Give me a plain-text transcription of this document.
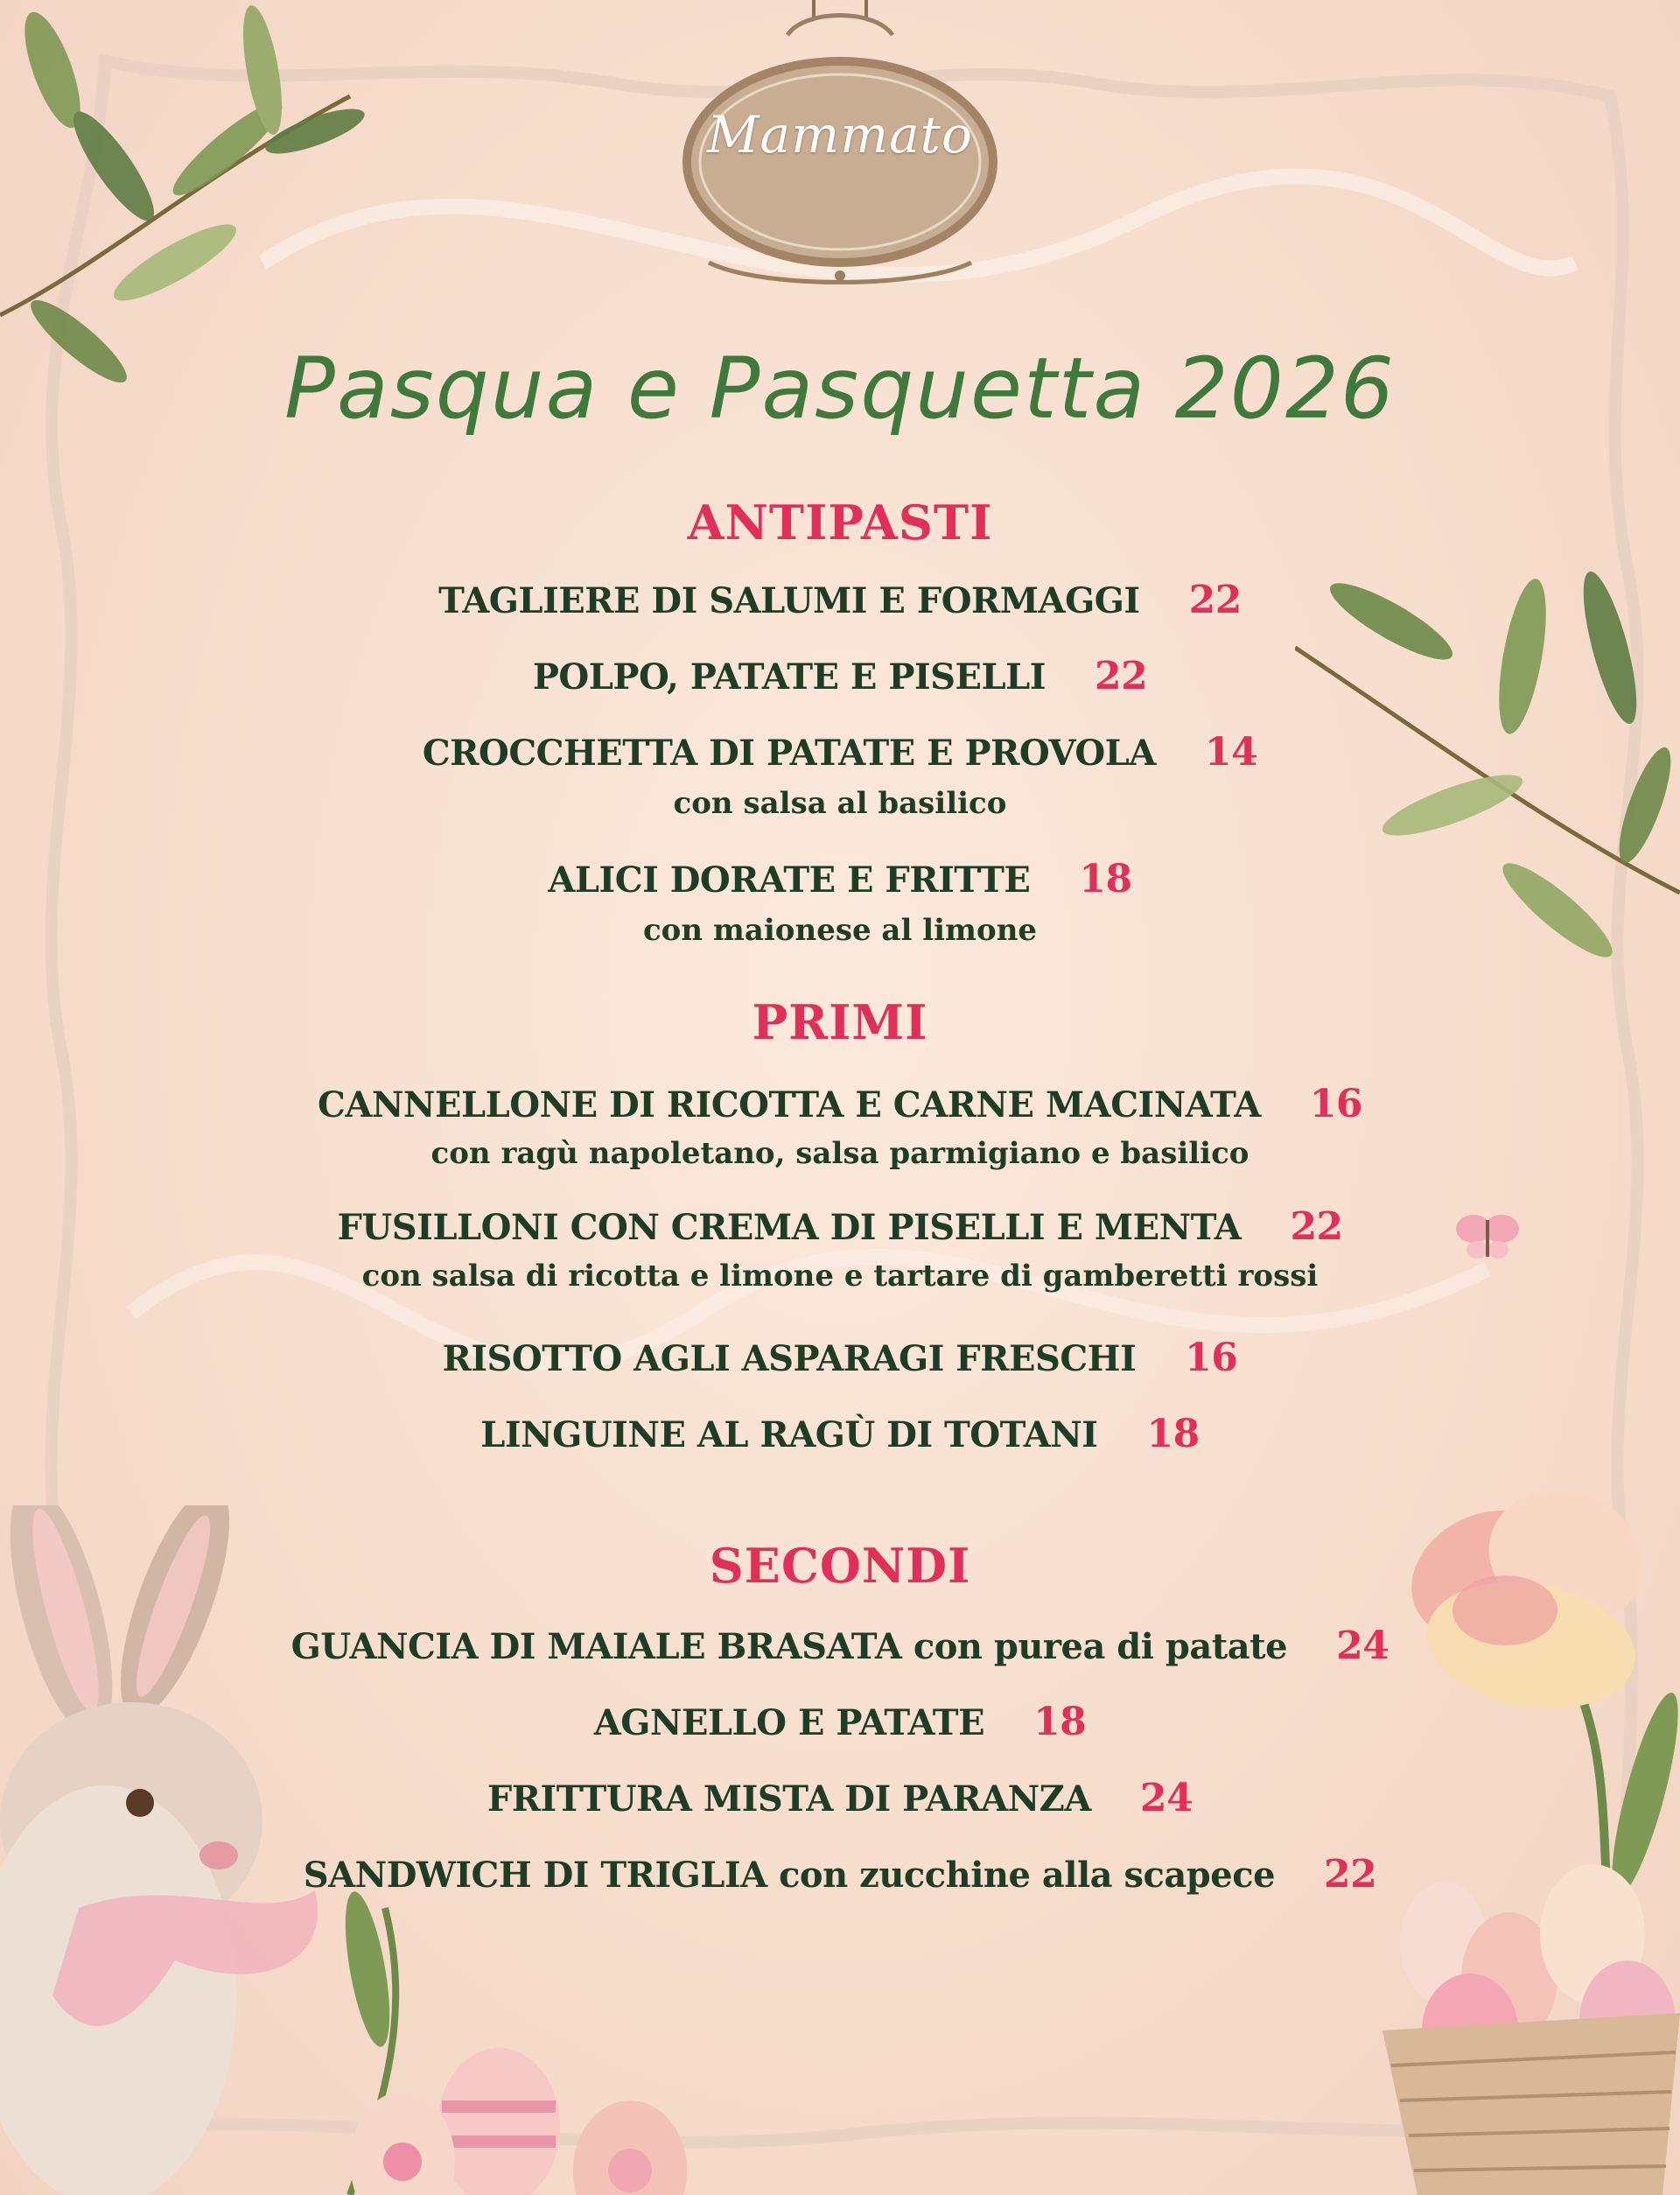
Mammato
Pasqua e Pasquetta 2026
ANTIPASTI
TAGLIERE DI SALUMI E FORMAGGI 22
POLPO, PATATE E PISELLI 22
CROCCHETTA DI PATATE E PROVOLA 14
con salsa al basilico
ALICI DORATE E FRITTE 18
con maionese al limone
PRIMI
CANNELLONE DI RICOTTA E CARNE MACINATA 16
con ragù napoletano, salsa parmigiano e basilico
FUSILLONI CON CREMA DI PISELLI E MENTA 22
con salsa di ricotta e limone e tartare di gamberetti rossi
RISOTTO AGLI ASPARAGI FRESCHI 16
LINGUINE AL RAGÙ DI TOTANI 18
SECONDI
GUANCIA DI MAIALE BRASATA con purea di patate 24
AGNELLO E PATATE 18
FRITTURA MISTA DI PARANZA 24
SANDWICH DI TRIGLIA con zucchine alla scapece 22
